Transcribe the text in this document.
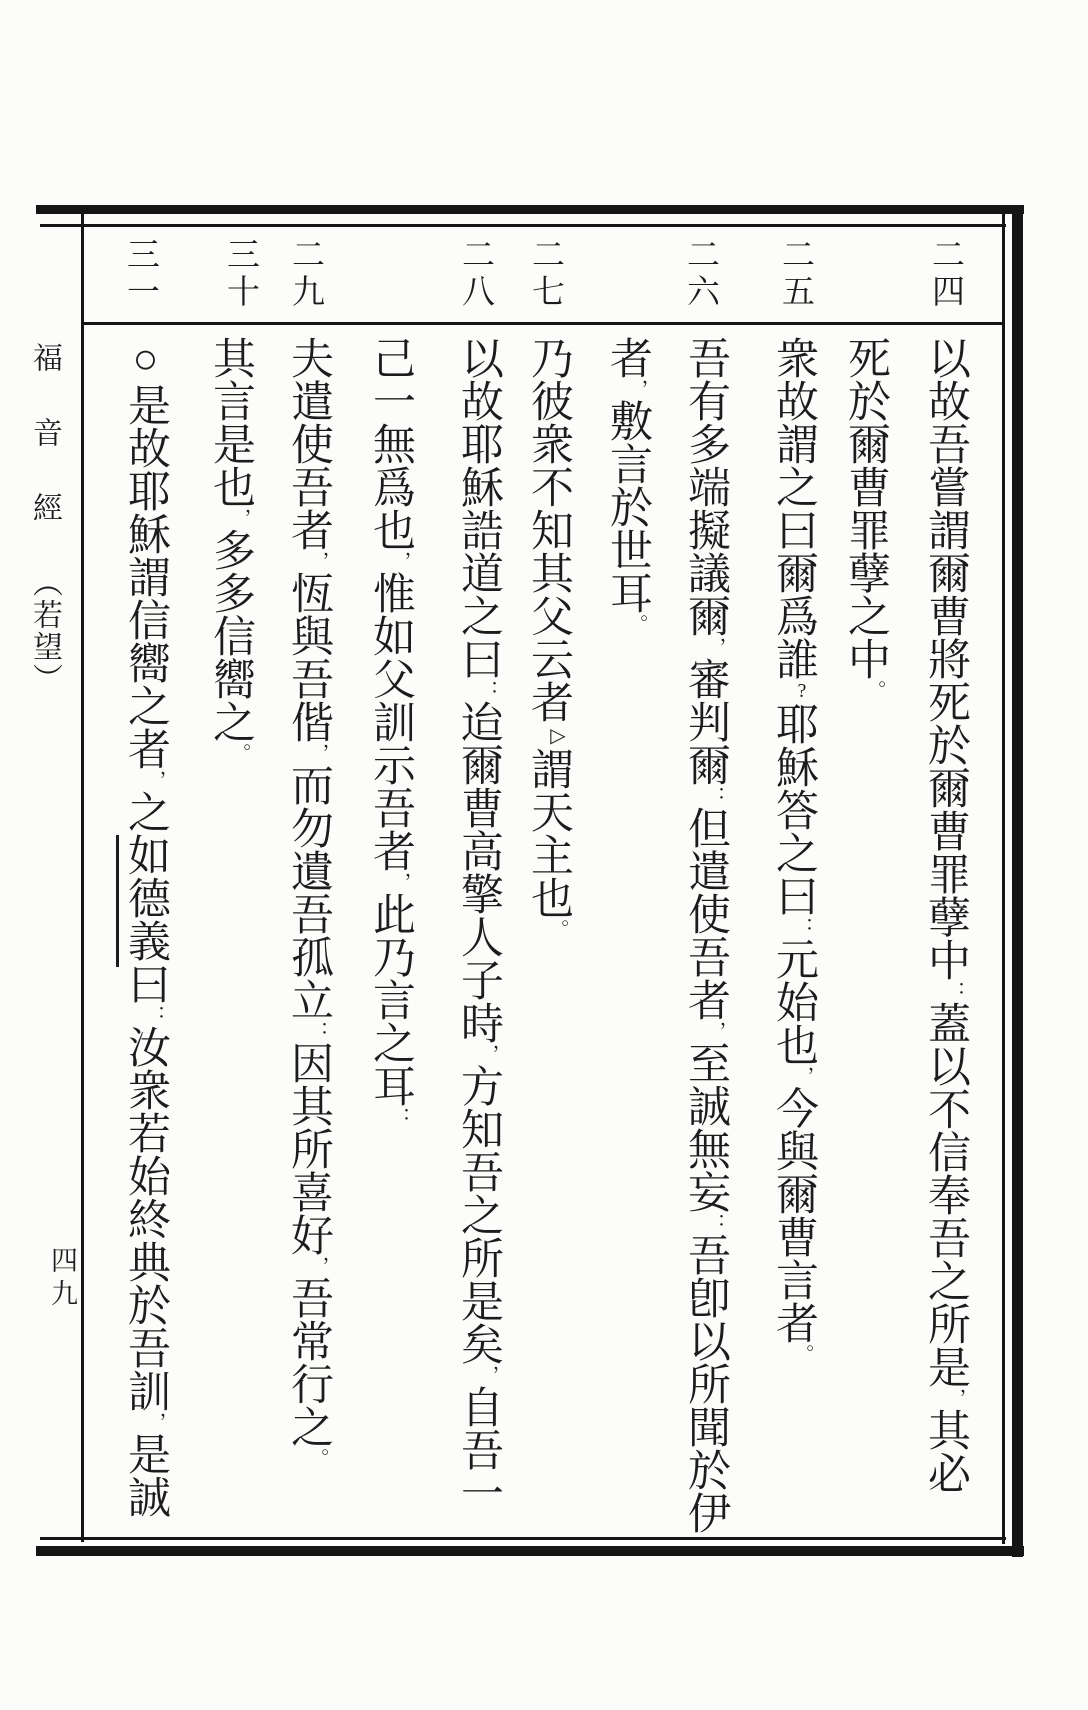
二四
二五
二六
二七
二八
二九
三十
三一
以故吾嘗謂爾曹將死於爾曹罪孽中：蓋以不信奉吾之所是，其必
死於爾曹罪孽之中。
衆故謂之曰爾爲誰?耶穌答之曰：元始也，今與爾曹言者。
吾有多端擬議爾，審判爾：但遣使吾者，至誠無妄：吾卽以所聞於伊
者，敷言於世耳。
乃彼衆不知其父云者▷謂天主也。
以故耶穌誥道之曰：迨爾曹高擎人子時，方知吾之所是矣，自吾一
己一無爲也，惟如父訓示吾者，此乃言之耳：
夫遣使吾者，恆與吾偕，而勿遺吾孤立：因其所喜好，吾常行之。
其言是也，多多信嚮之。
○是故耶穌謂信嚮之者，之如德義曰：汝衆若始終典於吾訓，是誠
福音經（若望）
四九
